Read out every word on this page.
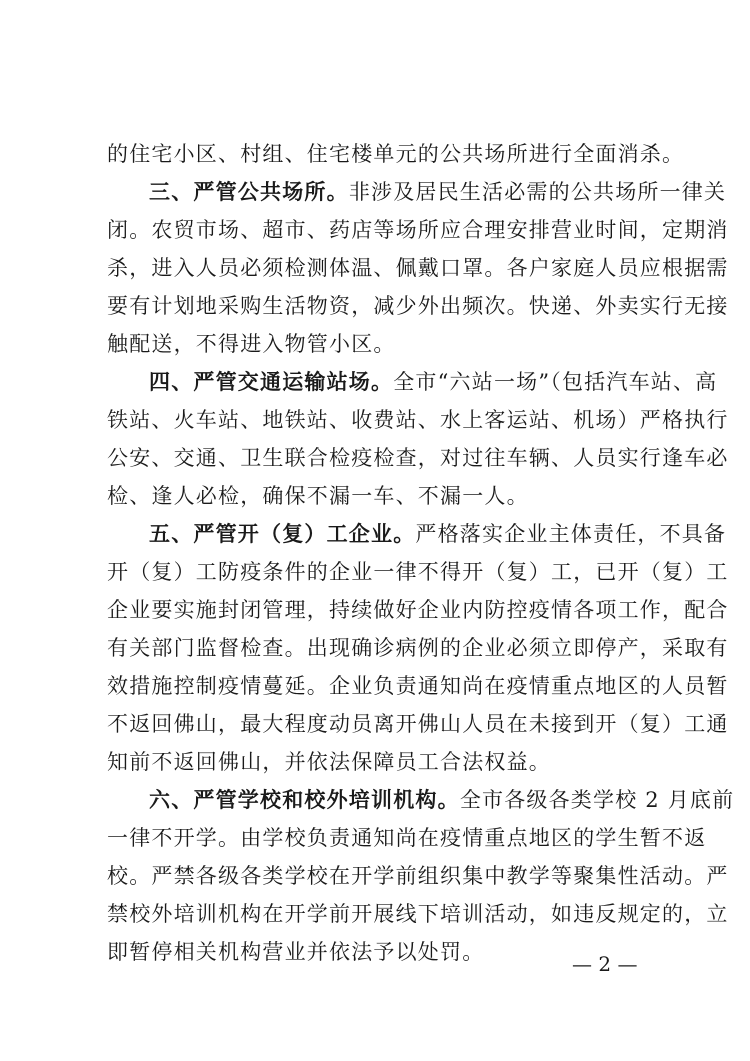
的住宅小区、村组、住宅楼单元的公共场所进行全面消杀。
三、严管公共场所。非涉及居民生活必需的公共场所一律关
闭。农贸市场、超市、药店等场所应合理安排营业时间，定期消
杀，进入人员必须检测体温、佩戴口罩。各户家庭人员应根据需
要有计划地采购生活物资，减少外出频次。快递、外卖实行无接
触配送，不得进入物管小区。
四、严管交通运输站场。全市“六站一场”（包括汽车站、高
铁站、火车站、地铁站、收费站、水上客运站、机场）严格执行
公安、交通、卫生联合检疫检查，对过往车辆、人员实行逢车必
检、逢人必检，确保不漏一车、不漏一人。
五、严管开（复）工企业。严格落实企业主体责任，不具备
开（复）工防疫条件的企业一律不得开（复）工，已开（复）工
企业要实施封闭管理，持续做好企业内防控疫情各项工作，配合
有关部门监督检查。出现确诊病例的企业必须立即停产，采取有
效措施控制疫情蔓延。企业负责通知尚在疫情重点地区的人员暂
不返回佛山，最大程度动员离开佛山人员在未接到开（复）工通
知前不返回佛山，并依法保障员工合法权益。
六、严管学校和校外培训机构。全市各级各类学校 2 月底前
一律不开学。由学校负责通知尚在疫情重点地区的学生暂不返
校。严禁各级各类学校在开学前组织集中教学等聚集性活动。严
禁校外培训机构在开学前开展线下培训活动，如违反规定的，立
即暂停相关机构营业并依法予以处罚。	— 2 —
